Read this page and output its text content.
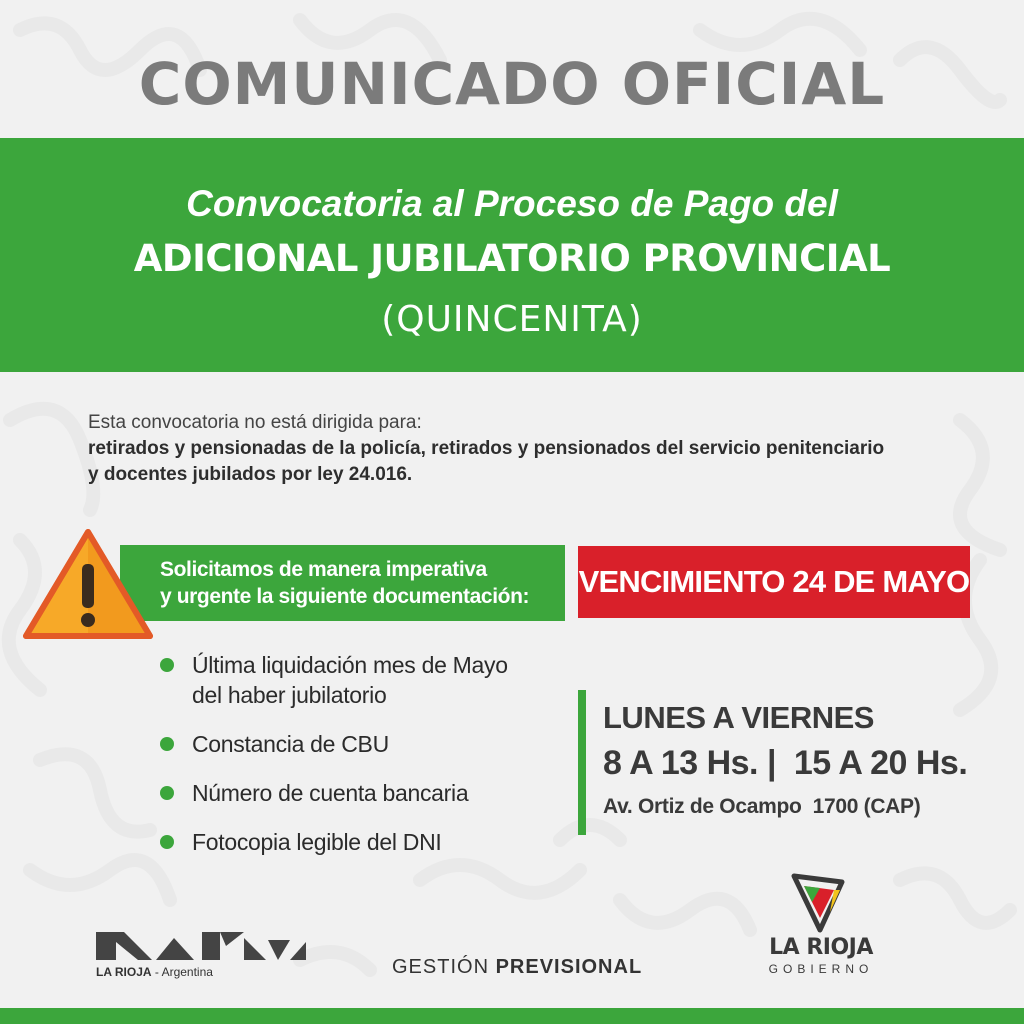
COMUNICADO OFICIAL
Convocatoria al Proceso de Pago del
ADICIONAL JUBILATORIO PROVINCIAL
(QUINCENITA)
Esta convocatoria no está dirigida para:
retirados y pensionadas de la policía, retirados y pensionados del servicio penitenciario
y docentes jubilados por ley 24.016.
Solicitamos de manera imperativa
y urgente la siguiente documentación:	VENCIMIENTO 24 DE MAYO
Última liquidación mes de Mayo
del haber jubilatorio
Constancia de CBU
Número de cuenta bancaria
Fotocopia legible del DNI
LUNES A VIERNES
8 A 13 Hs. |  15 A 20 Hs.
Av. Ortiz de Ocampo  1700 (CAP)
LA RIOJA - Argentina	GESTIÓN PREVISIONAL
LA RIOJA
GOBIERNO
